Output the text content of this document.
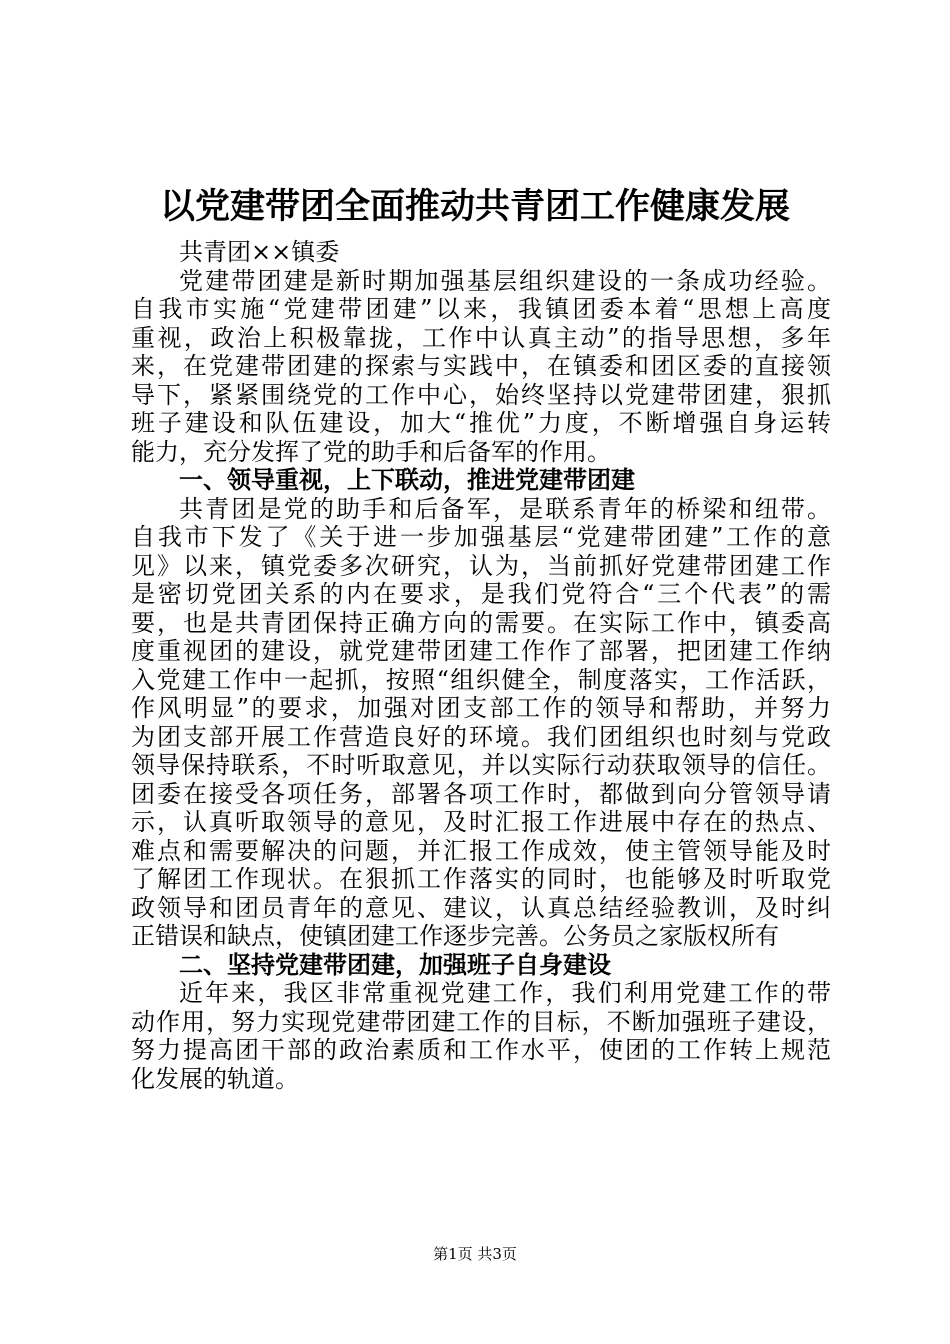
以党建带团全面推动共青团工作健康发展
共青团××镇委
党建带团建是新时期加强基层组织建设的一条成功经验。
自我市实施“党建带团建”以来，我镇团委本着“思想上高度
重视，政治上积极靠拢，工作中认真主动”的指导思想，多年
来，在党建带团建的探索与实践中，在镇委和团区委的直接领
导下，紧紧围绕党的工作中心，始终坚持以党建带团建，狠抓
班子建设和队伍建设，加大“推优”力度，不断增强自身运转
能力，充分发挥了党的助手和后备军的作用。
一、领导重视，上下联动，推进党建带团建
共青团是党的助手和后备军，是联系青年的桥梁和纽带。
自我市下发了《关于进一步加强基层“党建带团建”工作的意
见》以来，镇党委多次研究，认为，当前抓好党建带团建工作
是密切党团关系的内在要求，是我们党符合“三个代表”的需
要，也是共青团保持正确方向的需要。在实际工作中，镇委高
度重视团的建设，就党建带团建工作作了部署，把团建工作纳
入党建工作中一起抓，按照“组织健全，制度落实，工作活跃，
作风明显”的要求，加强对团支部工作的领导和帮助，并努力
为团支部开展工作营造良好的环境。我们团组织也时刻与党政
领导保持联系，不时听取意见，并以实际行动获取领导的信任。
团委在接受各项任务，部署各项工作时，都做到向分管领导请
示，认真听取领导的意见，及时汇报工作进展中存在的热点、
难点和需要解决的问题，并汇报工作成效，使主管领导能及时
了解团工作现状。在狠抓工作落实的同时，也能够及时听取党
政领导和团员青年的意见、建议，认真总结经验教训，及时纠
正错误和缺点，使镇团建工作逐步完善。公务员之家版权所有
二、坚持党建带团建，加强班子自身建设
近年来，我区非常重视党建工作，我们利用党建工作的带
动作用，努力实现党建带团建工作的目标，不断加强班子建设，
努力提高团干部的政治素质和工作水平，使团的工作转上规范
化发展的轨道。
第1页 共3页
